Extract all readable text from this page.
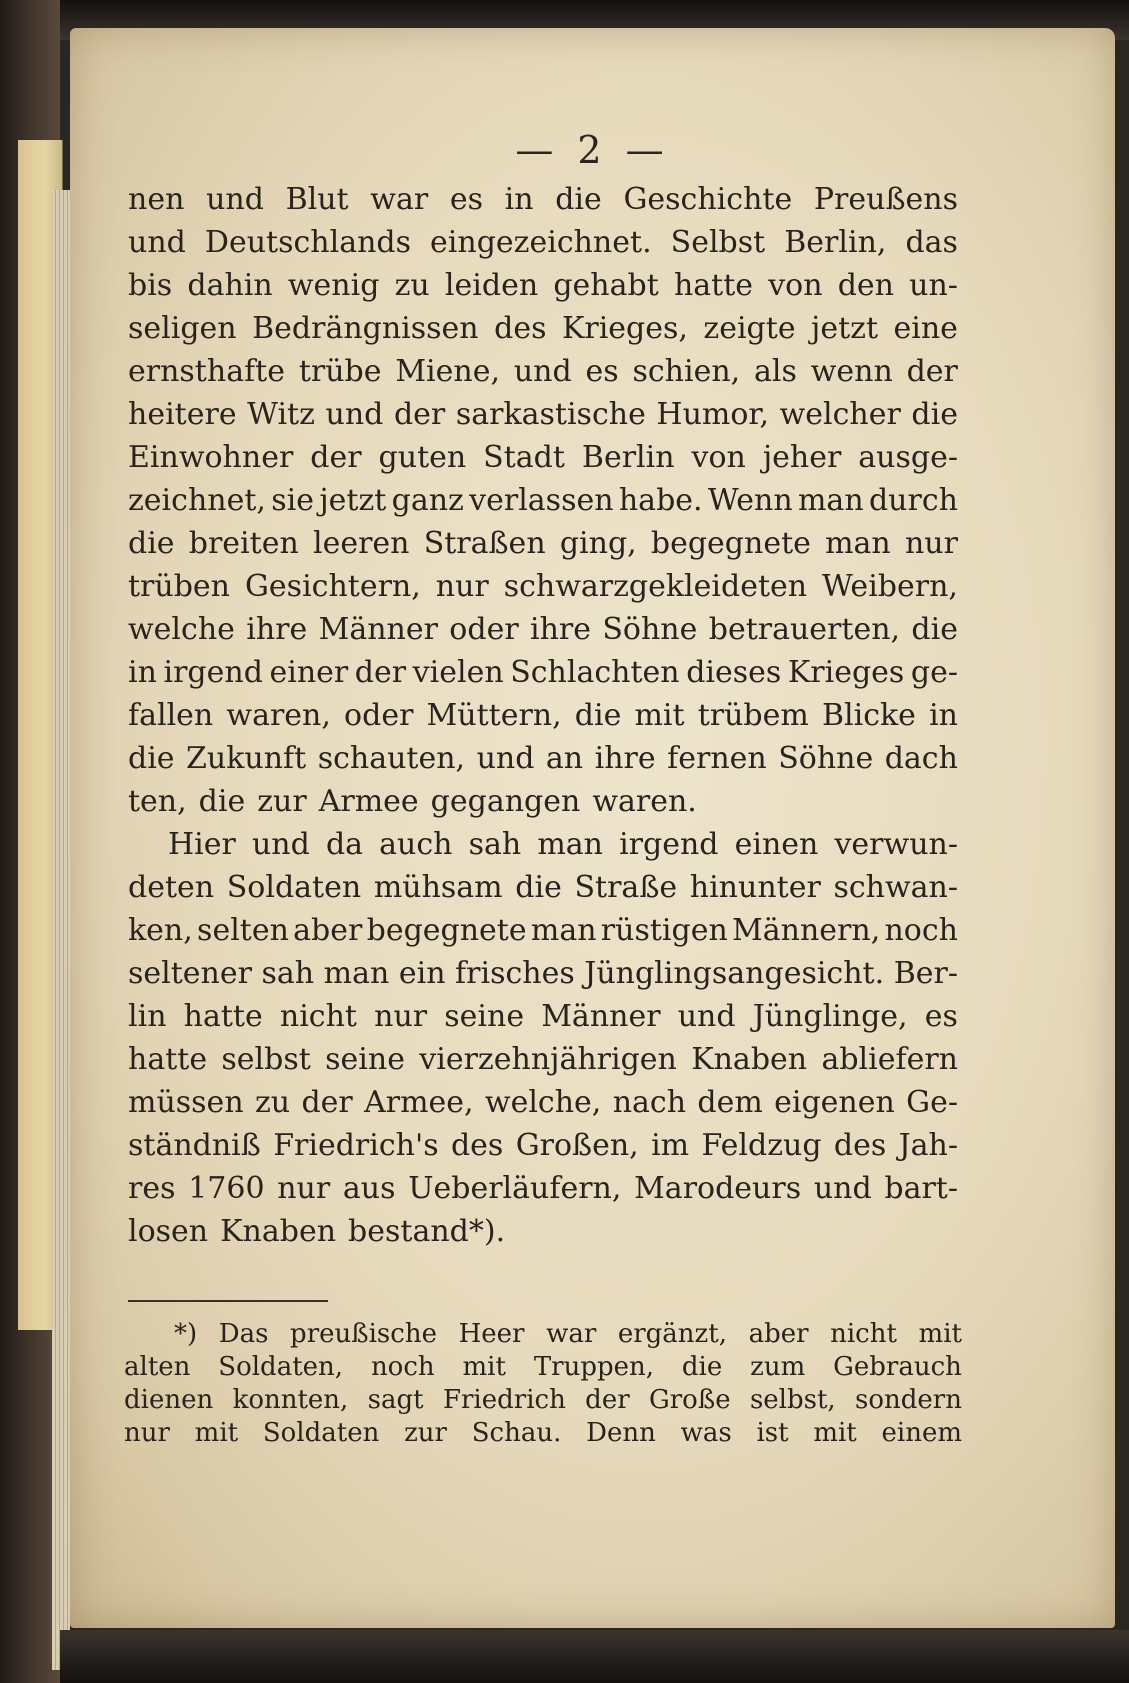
— 2 —
nen und Blut war es in die Geschichte Preußens
und Deutschlands eingezeichnet. Selbst Berlin, das
bis dahin wenig zu leiden gehabt hatte von den un-
seligen Bedrängnissen des Krieges, zeigte jetzt eine
ernsthafte trübe Miene, und es schien, als wenn der
heitere Witz und der sarkastische Humor, welcher die
Einwohner der guten Stadt Berlin von jeher ausge-
zeichnet, sie jetzt ganz verlassen habe. Wenn man durch
die breiten leeren Straßen ging, begegnete man nur
trüben Gesichtern, nur schwarzgekleideten Weibern,
welche ihre Männer oder ihre Söhne betrauerten, die
in irgend einer der vielen Schlachten dieses Krieges ge-
fallen waren, oder Müttern, die mit trübem Blicke in
die Zukunft schauten, und an ihre fernen Söhne dach
ten, die zur Armee gegangen waren.
Hier und da auch sah man irgend einen verwun-
deten Soldaten mühsam die Straße hinunter schwan-
ken, selten aber begegnete man rüstigen Männern, noch
seltener sah man ein frisches Jünglingsangesicht. Ber-
lin hatte nicht nur seine Männer und Jünglinge, es
hatte selbst seine vierzehnjährigen Knaben abliefern
müssen zu der Armee, welche, nach dem eigenen Ge-
ständniß Friedrich's des Großen, im Feldzug des Jah-
res 1760 nur aus Ueberläufern, Marodeurs und bart-
losen Knaben bestand*).
*) Das preußische Heer war ergänzt, aber nicht mit
alten Soldaten, noch mit Truppen, die zum Gebrauch
dienen konnten, sagt Friedrich der Große selbst, sondern
nur mit Soldaten zur Schau. Denn was ist mit einem
